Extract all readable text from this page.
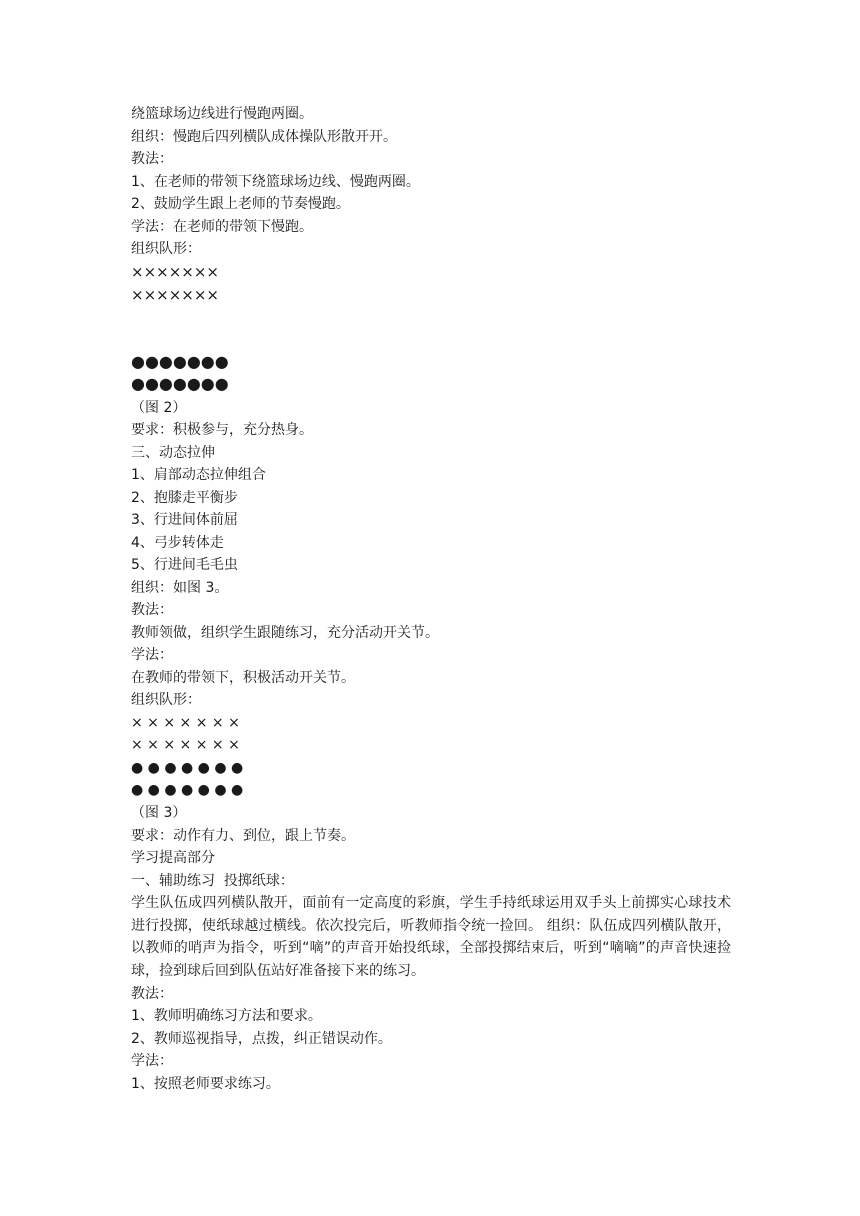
绕篮球场边线进行慢跑两圈。
组织：慢跑后四列横队成体操队形散开开。
教法：
1、在老师的带领下绕篮球场边线、慢跑两圈。
2、鼓励学生跟上老师的节奏慢跑。
学法：在老师的带领下慢跑。
组织队形：
×××××××
×××××××
●●●●●●●
●●●●●●●
（图 2）
要求：积极参与，充分热身。
三、动态拉伸
1、肩部动态拉伸组合
2、抱膝走平衡步
3、行进间体前屈
4、弓步转体走
5、行进间毛毛虫
组织：如图 3。
教法：
教师领做，组织学生跟随练习，充分活动开关节。
学法：
在教师的带领下，积极活动开关节。
组织队形：
× × × × × × ×
× × × × × × ×
● ● ● ● ● ● ●
● ● ● ● ● ● ●
（图 3）
要求：动作有力、到位，跟上节奏。
学习提高部分
一、辅助练习  投掷纸球：
学生队伍成四列横队散开，面前有一定高度的彩旗，学生手持纸球运用双手头上前掷实心球技术进行投掷，使纸球越过横线。依次投完后，听教师指令统一捡回。 组织：队伍成四列横队散开，以教师的哨声为指令，听到“嘀”的声音开始投纸球，全部投掷结束后，听到“嘀嘀”的声音快速捡球，捡到球后回到队伍站好准备接下来的练习。
教法：
1、教师明确练习方法和要求。
2、教师巡视指导，点拨，纠正错误动作。
学法：
1、按照老师要求练习。
